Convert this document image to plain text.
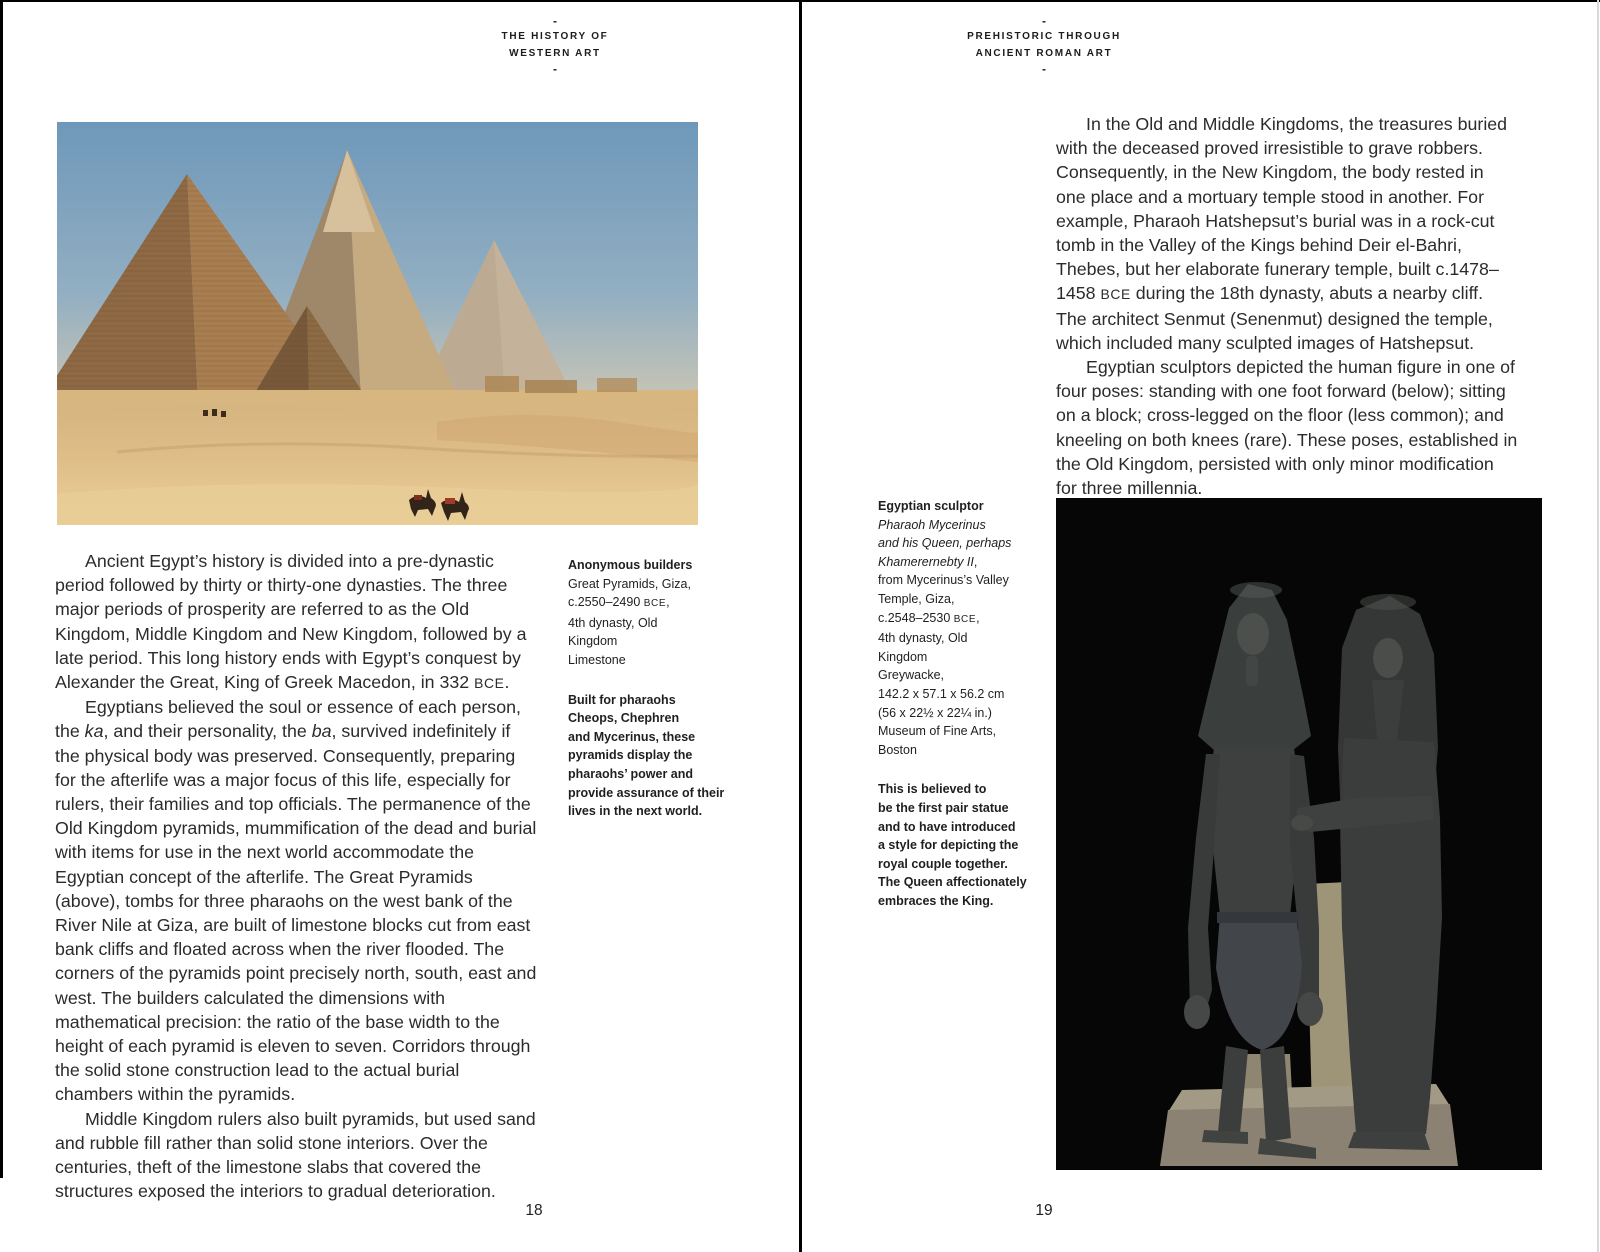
-
THE HISTORY OF
WESTERN ART
-

Ancient Egypt’s history is divided into a pre-dynastic period followed by thirty or thirty-one dynasties. The three major periods of prosperity are referred to as the Old Kingdom, Middle Kingdom and New Kingdom, followed by a late period. This long history ends with Egypt’s conquest by Alexander the Great, King of Greek Macedon, in 332 BCE.

Egyptians believed the soul or essence of each person, the ka, and their personality, the ba, survived indefinitely if the physical body was preserved. Consequently, preparing for the afterlife was a major focus of this life, especially for rulers, their families and top officials. The permanence of the Old Kingdom pyramids, mummification of the dead and burial with items for use in the next world accommodate the Egyptian concept of the afterlife. The Great Pyramids (above), tombs for three pharaohs on the west bank of the River Nile at Giza, are built of limestone blocks cut from east bank cliffs and floated across when the river flooded. The corners of the pyramids point precisely north, south, east and west. The builders calculated the dimensions with mathematical precision: the ratio of the base width to the height of each pyramid is eleven to seven. Corridors through the solid stone construction lead to the actual burial chambers within the pyramids.

Middle Kingdom rulers also built pyramids, but used sand and rubble fill rather than solid stone interiors. Over the centuries, theft of the limestone slabs that covered the structures exposed the interiors to gradual deterioration.

Anonymous builders
Great Pyramids, Giza,
c.2550–2490 BCE,
4th dynasty, Old
Kingdom
Limestone
Built for pharaohs
Cheops, Chephren
and Mycerinus, these
pyramids display the
pharaohs’ power and
provide assurance of their
lives in the next world.
18
-
PREHISTORIC THROUGH
ANCIENT ROMAN ART
-

In the Old and Middle Kingdoms, the treasures buried with the deceased proved irresistible to grave robbers. Consequently, in the New Kingdom, the body rested in one place and a mortuary temple stood in another. For example, Pharaoh Hatshepsut’s burial was in a rock-cut tomb in the Valley of the Kings behind Deir el-Bahri, Thebes, but her elaborate funerary temple, built c.1478–1458 BCE during the 18th dynasty, abuts a nearby cliff. The architect Senmut (Senenmut) designed the temple, which included many sculpted images of Hatshepsut.

Egyptian sculptors depicted the human figure in one of four poses: standing with one foot forward (below); sitting on a block; cross-legged on the floor (less common); and kneeling on both knees (rare). These poses, established in the Old Kingdom, persisted with only minor modification for three millennia.

Egyptian sculptor
Pharaoh Mycerinus
and his Queen, perhaps
Khamerernebty II,
from Mycerinus’s Valley
Temple, Giza,
c.2548–2530 BCE,
4th dynasty, Old
Kingdom
Greywacke,
142.2 x 57.1 x 56.2 cm
(56 x 22½ x 22¼ in.)
Museum of Fine Arts,
Boston
This is believed to
be the first pair statue
and to have introduced
a style for depicting the
royal couple together.
The Queen affectionately
embraces the King.
19
